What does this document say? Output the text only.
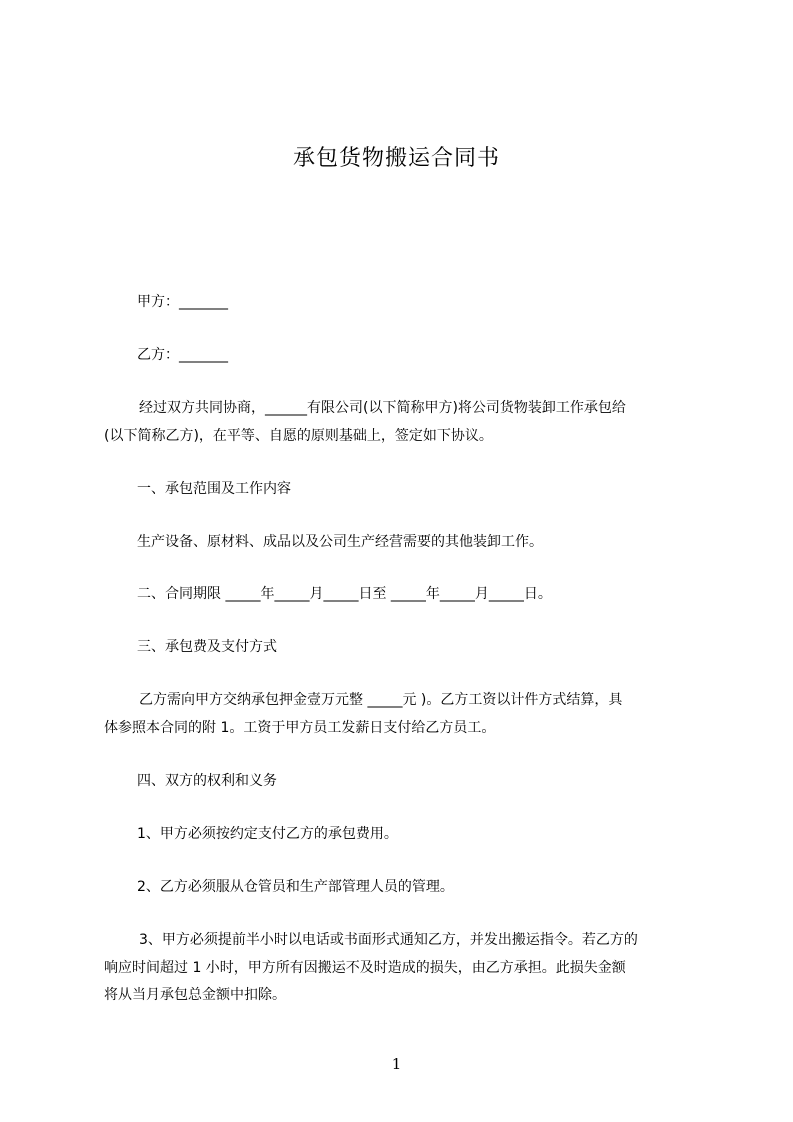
承包货物搬运合同书
甲方：_______
乙方：_______
经过双方共同协商，______有限公司(以下简称甲方)将公司货物装卸工作承包给
(以下简称乙方)，在平等、自愿的原则基础上，签定如下协议。
一、承包范围及工作内容
生产设备、原材料、成品以及公司生产经营需要的其他装卸工作。
二、合同期限 _____年_____月_____日至 _____年_____月_____日。
三、承包费及支付方式
乙方需向甲方交纳承包押金壹万元整 _____元 )。乙方工资以计件方式结算，具
体参照本合同的附 1。工资于甲方员工发薪日支付给乙方员工。
四、双方的权利和义务
1、甲方必须按约定支付乙方的承包费用。
2、乙方必须服从仓管员和生产部管理人员的管理。
3、甲方必须提前半小时以电话或书面形式通知乙方，并发出搬运指令。若乙方的
响应时间超过 1 小时，甲方所有因搬运不及时造成的损失，由乙方承担。此损失金额
将从当月承包总金额中扣除。
1
